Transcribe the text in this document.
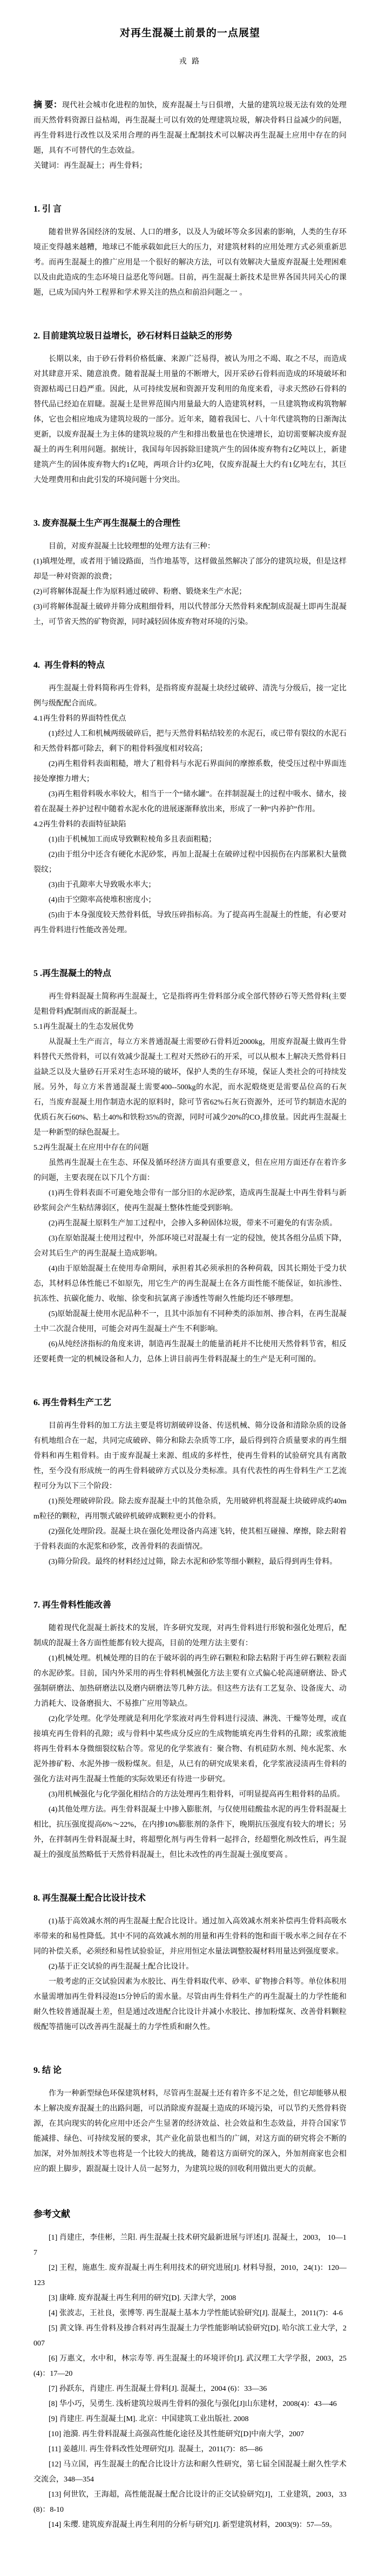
对再生混凝土前景的一点展望
戎 路

摘 要：现代社会城市化进程的加快，废弃混凝土与日俱增，大量的建筑垃圾无法有效的处理而天然骨料资源日益枯竭，再生混凝土可以有效的处理建筑垃圾，解决骨料日益减少的问题，再生骨料进行改性以及采用合理的再生混凝土配制技术可以解决再生混凝土应用中存在的问题，具有不可替代的生态效益。

关键词：再生混凝土；再生骨料；

1. 引 言

随着世界各国经济的发展、人口的增多，以及人为破坏等众多因素的影响，人类的生存环境正变得越来越糟，地球已不能承载如此巨大的压力，对建筑材料的应用处理方式必须重新思考。而再生混凝土的推广应用是一个很好的解决方法，可以有效解决大量废弃混凝土处理困难以及由此造成的生态环境日益恶化等问题。目前，再生混凝土新技术是世界各国共同关心的课题，已成为国内外工程界和学术界关注的热点和前沿问题之一 。

2. 目前建筑垃圾日益增长，砂石材料日益缺乏的形势

长期以来，由于砂石骨料价格低廉、来源广泛易得，被认为用之不竭、取之不尽，而造成对其肆意开采、随意浪费。随着混凝土用量的不断增大，因开采砂石骨料而造成的环境破坏和资源枯竭已日趋严重。因此，从可持续发展和资源开发利用的角度来看，寻求天然砂石骨料的替代品已经迫在眉睫。混凝土是世界范围内用量最大的人造建筑材料，一旦建筑物或构筑物解体，它也会相应地成为建筑垃圾的一部分。近年来，随着我国七、八十年代建筑物的日渐淘汰更新，以废弃混凝土为主体的建筑垃圾的产生和排出数量也在快速增长，迫切需要解决废弃混凝土的再生利用问题。据统计，我国每年因拆除旧建筑产生的固体废弃物有2亿吨以上，新建建筑产生的固体废弃物大约1亿吨，两项合计约3亿吨，仅废弃混凝土大约有1亿吨左右，其巨大处理费用和由此引发的环境问题十分突出。

3. 废弃混凝土生产再生混凝土的合理性

目前，对废弃混凝土比较理想的处理方法有三种：

(1)填埋处理，或者用于铺设路面，当作地基等，这样做虽然解决了部分的建筑垃圾，但是这样却是一种对资源的浪费；

(2)可将解体混凝土作为原料通过破碎、粉磨、锻烧来生产水泥；

(3)可将解体混凝土破碎并筛分成粗细骨料，用以代替部分天然骨料来配制成混凝土即再生混凝土，可节省天然的矿物资源，同时减轻固体废弃物对环境的污染。

4.  再生骨料的特点

再生混凝土骨料简称再生骨料，是指将废弃混凝土块经过破碎、清洗与分级后，接一定比例与级配配合而成。

4.1再生骨料的界面特性优点

(1)经过人工和机械两级破碎后，把与天然骨料粘结较差的水泥石，或已带有裂纹的水泥石和天然骨料都可除去，剩下的粗骨料强度相对较高；

(2)再生粗骨料表面粗糙，增大了粗骨料与水泥石界面间的摩擦系数，使受压过程中界面连接处摩擦力增大；

(3)再生粗骨料吸水率较大，相当于一个“储水罐”。在拌制混凝土的过程中吸水、储水，接着在混凝土养护过程中随着水泥水化的进展逐渐释放出来，形成了一种“内养护”作用。

4.2再生骨料的表面特征缺陷

(1)由于机械加工而成导致颗粒棱角多且表面粗糙；

(2)由于组分中还含有硬化水泥砂浆，再加上混凝土在破碎过程中因损伤在内部累积大量微裂纹；

(3)由于孔隙率大导致吸水率大；

(4)由于空隙率高使堆积密度小；

(5)由于本身强度较天然骨料低，导致压碎指标高。为了提高再生混凝土的性能，有必要对再生骨料进行性能改善处理。

5 .再生混凝土的特点

再生骨料混凝土简称再生混凝土，它是指将再生骨料部分或全部代替砂石等天然骨料(主要是粗骨料)配制而成的新混凝土。

5.1再生混凝土的生态发展优势

从混凝土生产而言，每立方米普通混凝土需要砂石骨料近2000kg，用废弃混凝土做再生骨料替代天然骨料，可以有效减少混凝土工程对天然砂石的开采，可以从根本上解决天然骨料日益缺乏以及大量砂石开采对生态环境的破坏，保护人类的生存环境，保证人类社会的可持续发展。另外，每立方米普通混凝土需要400--500kg的水泥，而水泥煅烧更是需要品位高的石灰石，当废弃混凝土用作制造水泥的原料时，除可节省62%石灰石资源外，还可节约制造水泥的优质石灰石60%、粘土40%和铁粉35%的资源，同时可减少20%的CO₂排放量。因此再生混凝土是一种新型的绿色混凝土。

5.2再生混凝土在应用中存在的问题

虽然再生混凝土在生态、环保及循环经济方面具有重要意义，但在应用方面还存在着许多的问题，主要表现在以下几个方面：

(1)再生骨料表面不可避免地会带有一部分旧的水泥砂浆，造成再生混凝土中再生骨料与新砂浆间会产生粘结薄弱区，使再生混凝土整体性能受到影响。

(2)再生混凝土原料生产加工过程中，会掺入多种固体垃圾，带来不可避免的有害杂质。

(3)在原始混凝土使用过程中，外部环境已对混凝土有一定的侵蚀，使其各组分品质下降，会对其后生产的再生混凝土造成影响。

(4)由于原始混凝土在使用寿命期间，承担着其必须承担的各种荷载，因其长期处于受力状态，其材料总体性能已不如原先，用它生产的再生混凝土在各方面性能不能保证，如抗渗性、抗冻性、抗碳化能力、收缩、徐变和抗氯离子渗透性等耐久性能均还不够理想。

(5)原始混凝土使用水泥品种不一，且其中添加有不同种类的添加剂、掺合料，在再生混凝土中二次混合使用，可能会对再生混凝土产生不利影响。

(6)从纯经济指标的角度来讲，制造再生混凝土的能量消耗并不比使用天然骨料节省，相反还要耗费一定的机械设备和人力，总体上讲目前再生骨料混凝土的生产是无利可图的。

6. 再生骨料生产工艺

目前再生骨料的加工方法主要是将切割破碎设备、传送机械、筛分设备和清除杂质的设备有机地组合在一起，共同完成破碎、筛分和除去杂质等工序，最后得到符合质量要求的再生细骨料和再生粗骨料。由于废弃混凝土来源、组成的多样性，使再生骨料的试验研究具有离散性，至今没有形成统一的再生骨料破碎方式以及分类标准。具有代表性的再生骨料生产工艺流程可分为以下三个阶段：

(1)预处理破碎阶段。除去废弃混凝土中的其他杂质，先用破碎机将混凝土块破碎成约40mm粒径的颗粒，再用颚式破碎机破碎成颗粒更小的骨料。

(2)强化处理阶段。混凝土块在强化处理设备内高速飞转，使其相互碰撞、摩擦，除去附着于骨料表面的水泥浆和砂浆，改善骨料的表面情况。

(3)筛分阶段。最终的材料经过过筛，除去水泥和砂浆等细小颗粒，最后得到再生骨料。

7. 再生骨料性能改善

随着现代化混凝土新技术的发展，许多研究发现，对再生骨料进行形貌和强化处理后，配制成的混凝土各方面性能都有较大提高，目前的处理方法主要有：

(1)机械处理。机械处理的目的在于破坏弱的再生碎石颗粒和除去粘附于再生碎石颗粒表面的水泥砂浆。目前，国内外采用的再生骨料机械强化方法主要有立式偏心轮高速研磨法、卧式强制研磨法、加热研磨法以及磨内研磨法等几种方法。但这些方法有工艺复杂、设备庞大、动力消耗大、设备磨损大、不易推广应用等缺点。

(2)化学处理。化学处理就是利用化学浆液对再生骨料进行浸渍、淋洗、干燥等处理，或直接填充再生骨料的孔隙；或与骨料中某些成分反应的生成物能填充再生骨料的孔隙；或浆液能将再生骨料本身微细裂纹粘合等。常见的化学浆液有：聚合物、有机硅防水剂、纯水泥浆、水泥外掺矿粉、水泥外掺一级粉煤灰。但是，从已有的研究成果来看，化学浆液浸渍再生骨料的强化方法对再生混凝土性能的实际效果还有待进一步研究。

(3)用机械强化与化学强化相结合的方法处理再生粗骨料，可明显提高再生粗骨料的品质。

(4)其他处理方法。再生骨料混凝土中掺入膨胀剂，与仅使用硅酸盐水泥的再生骨料混凝土相比，抗压强度提高6%～22%，在内掺10%膨胀剂的条件下，晚期抗压强度有较大的增长；另外，在拌制再生骨料混凝土时，将超塑化剂与再生骨料一起拌合，经超塑化剂改性后，再生混凝土的强度虽然略低于天然骨料混凝土，但比未改性的再生混凝土强度要高 。

8. 再生混凝土配合比设计技术

(1)基于高效减水剂的再生混凝土配合比设计。通过加入高效减水剂来补偿再生骨料高吸水率带来的和易性降低。其中不同的高效减水剂的用量和再生骨料的饱和面干吸水率之间存在不同的补偿关系，必须经和易性试验验证，并应用恒定水量法调整胶凝材料用量达到强度要求。

(2)基于正交试验的再生混凝土配合比设计。

一般考虑的正交试验因素为水胶比、再生骨料取代率、砂率、矿物掺合料等。单位体积用水量需增加再生骨料浸泡15分钟后的需水量。尽管由再生骨料生产的再生混凝土的力学性能和耐久性较普通混凝土差，但是通过改进配合比设计并减小水胶比、掺加粉煤灰、改善骨料颗粒级配等措施可以改善再生混凝土的力学性质和耐久性。

9. 结 论

作为一种新型绿色环保建筑材料，尽管再生混凝土还有着许多不足之处，但它却能够从根本上解决废弃混凝土的出路问题，可以消除废弃混凝土造成的环境污染，可以节约天然骨料资源，在其向现实的转化应用中还会产生显著的经济效益、社会效益和生态效益，并符合国家节能减排、绿色、可持续发展的要求，其产业化前景也相当的广阔，对这方面的研究将会不断的加深，对外加剂技术等也将是一个比较大的挑战，随着这方面研究的深入，外加剂商家也会相应的跟上脚步，跟混凝土设计人员一起努力，为建筑垃圾的回收利用做出更大的贡献。

参考文献

[1] 肖建庄，李佳彬，兰阳. 再生混凝土技术研究最新进展与评述[J]. 混凝土，2003， 10—17

[2] 王程，施惠生. 废弃混凝土再生利用技术的研究进展[J]. 材料导报，2010，24(1)：120—123

[3] 康峰. 废弃混凝土再生利用的研究[D]. 天津大学，2008

[4] 张波志，王社良，张博等. 再生混凝土基本力学性能试验研究[J]. 混凝土，2011(7)：4-6

[5] 黄文锋. 再生骨料及掺合料对再生混凝土力学性能影响试验研究[D]. 哈尔滨工业大学，2007

[6] 万惠文，水中和，林宗寿等. 再生混凝土的环境评价[J]. 武汉理工大学学报，2003，25(4)：17—20

[7] 孙跃东，肖建庄. 再生混凝土骨料[J]. 混凝土，2004 (6)：33—36

[8] 华小巧，吴勇生. 浅析建筑垃圾再生骨料的强化与强化[J]山东建材，2008(4)：43—46

[9] 肖建庄. 再生混凝土[M]. 北京：中国建筑工业出版社. 2008

[10] 池漪. 再生骨料混凝土高强高性能化途径及其性能研究[D]中南大学，2007

[11] 姜越川. 再生骨料改性处理研究[J].  混凝土，2011(7)：85—86

[12] 马立国，再生混凝土的配合比设计方法和耐久性研究，第七届全国混凝土耐久性学术交流会，348—354

[13] 何世钦，王海超，高性能混凝土配合比设计的正交试验研究[J]，工业建筑，2003，33(8)：8-10

[14] 朱缨. 建筑废弃混凝土再生利用的分析与研究[J]. 新型建筑材料，2003(9)：57—59。
